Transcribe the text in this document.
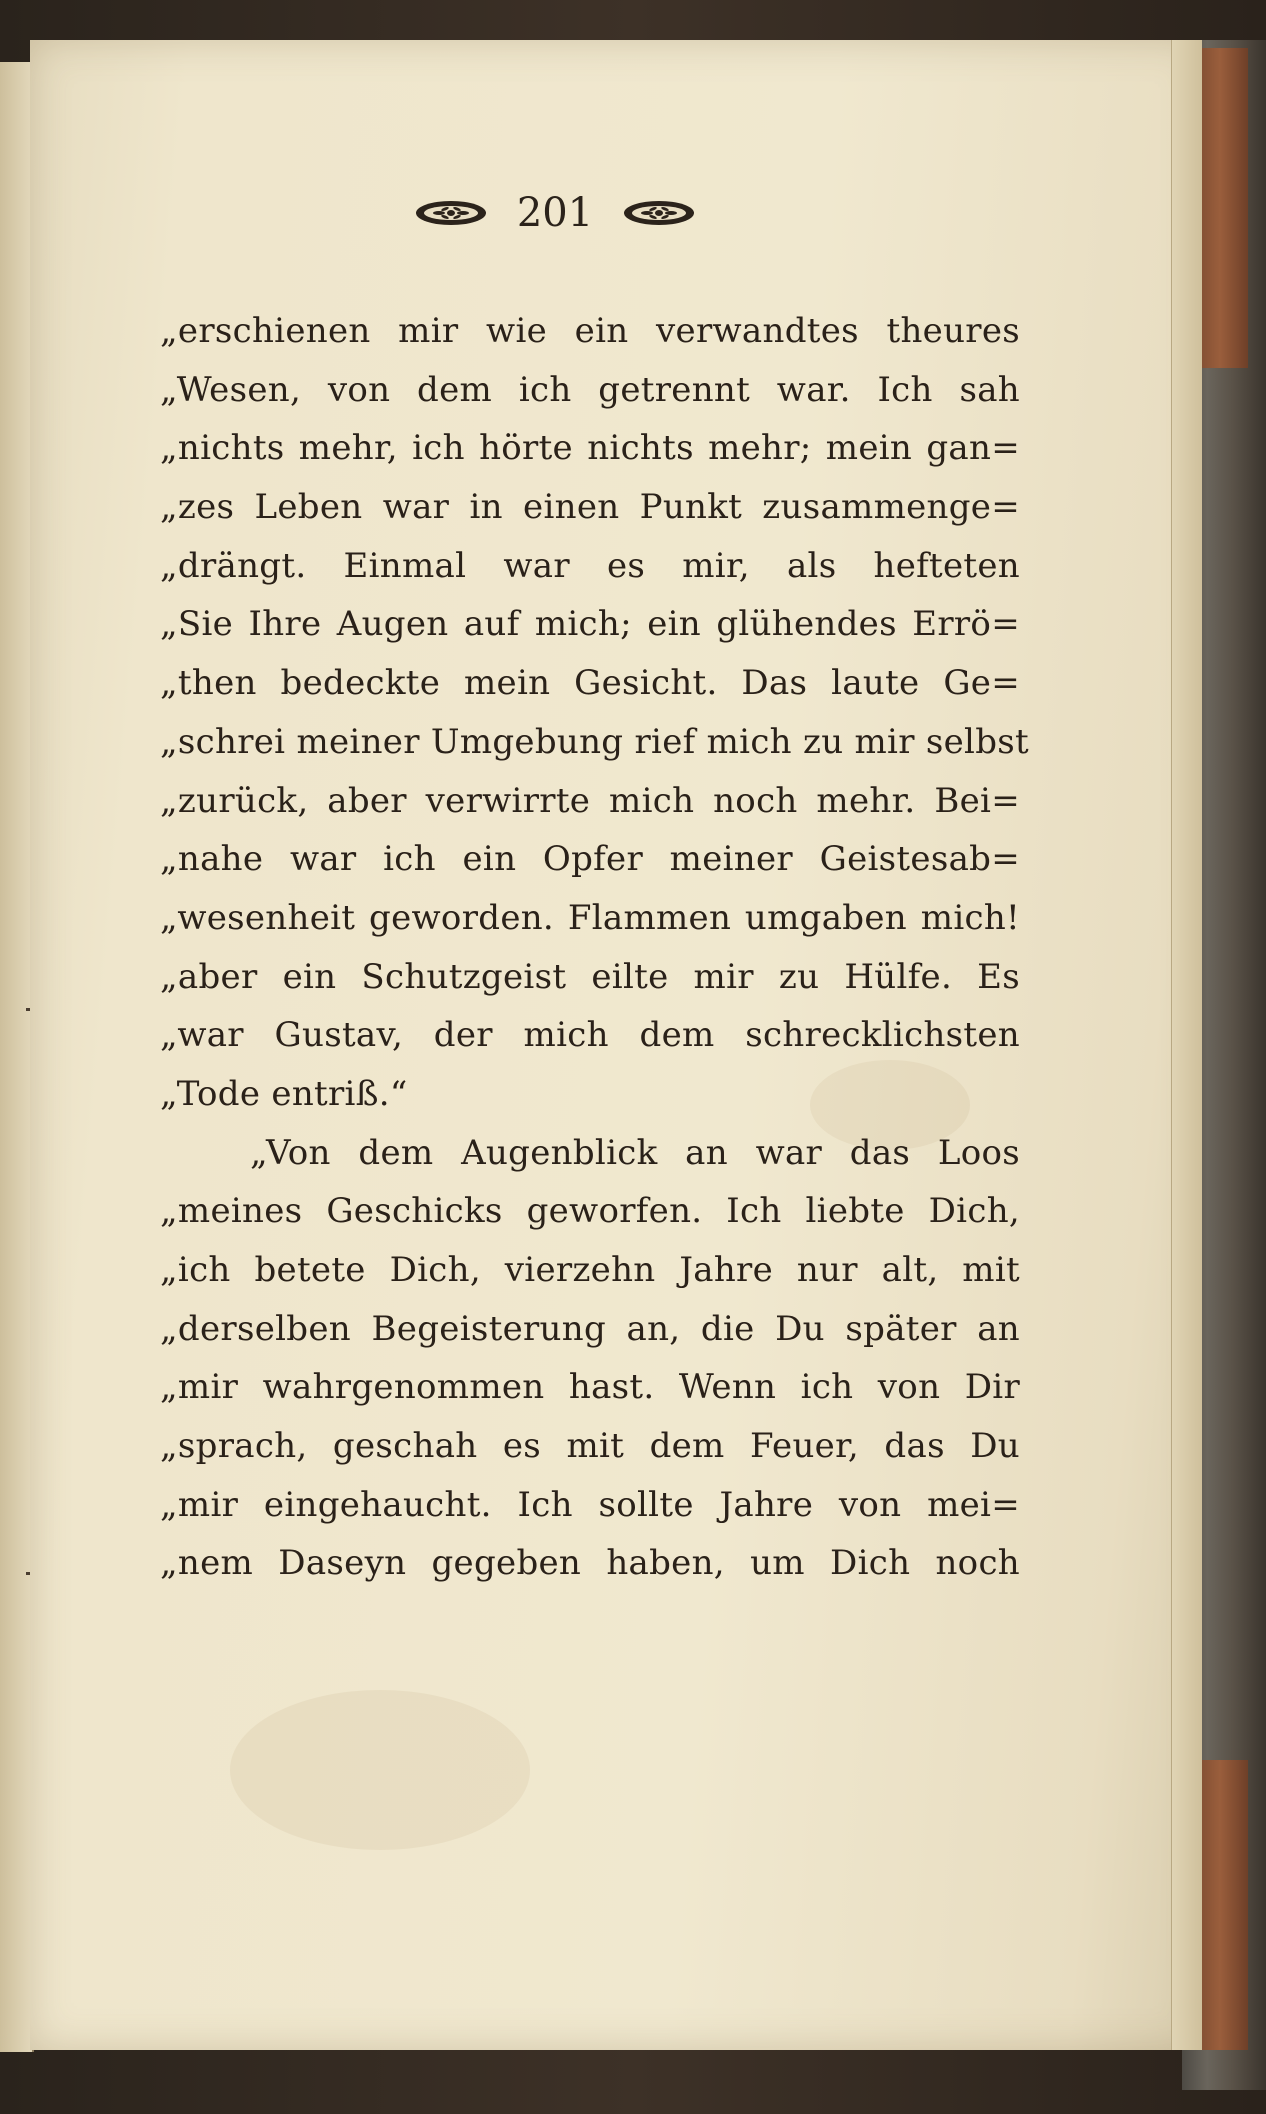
201
„erschienen mir wie ein verwandtes theures
„Wesen, von dem ich getrennt war. Ich sah
„nichts mehr, ich hörte nichts mehr; mein gan=
„zes Leben war in einen Punkt zusammenge=
„drängt. Einmal war es mir, als hefteten
„Sie Ihre Augen auf mich; ein glühendes Errö=
„then bedeckte mein Gesicht. Das laute Ge=
„schrei meiner Umgebung rief mich zu mir selbst
„zurück, aber verwirrte mich noch mehr. Bei=
„nahe war ich ein Opfer meiner Geistesab=
„wesenheit geworden. Flammen umgaben mich!
„aber ein Schutzgeist eilte mir zu Hülfe. Es
„war Gustav, der mich dem schrecklichsten
„Tode entriß.“
„Von dem Augenblick an war das Loos
„meines Geschicks geworfen. Ich liebte Dich,
„ich betete Dich, vierzehn Jahre nur alt, mit
„derselben Begeisterung an, die Du später an
„mir wahrgenommen hast. Wenn ich von Dir
„sprach, geschah es mit dem Feuer, das Du
„mir eingehaucht. Ich sollte Jahre von mei=
„nem Daseyn gegeben haben, um Dich noch
